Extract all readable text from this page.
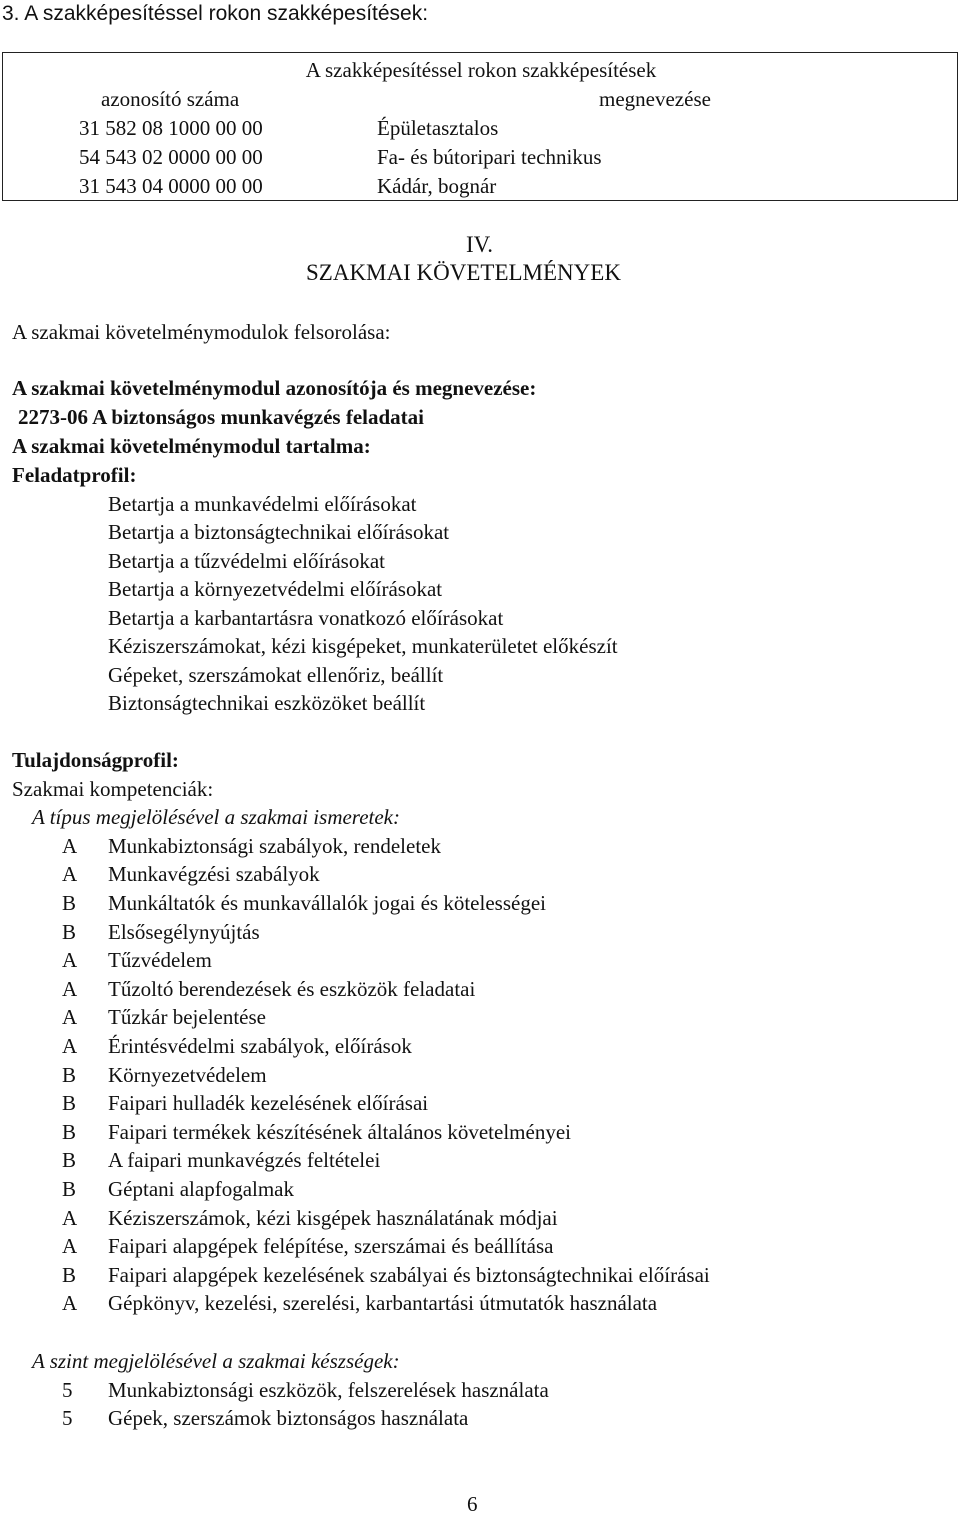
3. A szakképesítéssel rokon szakképesítések:
A szakképesítéssel rokon szakképesítések
azonosító száma	megnevezése
31 582 08 1000 00 00	Épületasztalos
54 543 02 0000 00 00	Fa- és bútoripari technikus
31 543 04 0000 00 00	Kádár, bognár
IV.
SZAKMAI KÖVETELMÉNYEK
A szakmai követelménymodulok felsorolása:
A szakmai követelménymodul azonosítója és megnevezése:
2273-06 A biztonságos munkavégzés feladatai
A szakmai követelménymodul tartalma:
Feladatprofil:
Betartja a munkavédelmi előírásokat
Betartja a biztonságtechnikai előírásokat
Betartja a tűzvédelmi előírásokat
Betartja a környezetvédelmi előírásokat
Betartja a karbantartásra vonatkozó előírásokat
Kéziszerszámokat, kézi kisgépeket, munkaterületet előkészít
Gépeket, szerszámokat ellenőriz, beállít
Biztonságtechnikai eszközöket beállít
Tulajdonságprofil:
Szakmai kompetenciák:
A típus megjelölésével a szakmai ismeretek:
A Munkabiztonsági szabályok, rendeletek
A Munkavégzési szabályok
B Munkáltatók és munkavállalók jogai és kötelességei
B Elsősegélynyújtás
A Tűzvédelem
A Tűzoltó berendezések és eszközök feladatai
A Tűzkár bejelentése
A Érintésvédelmi szabályok, előírások
B Környezetvédelem
B Faipari hulladék kezelésének előírásai
B Faipari termékek készítésének általános követelményei
B A faipari munkavégzés feltételei
B Géptani alapfogalmak
A Kéziszerszámok, kézi kisgépek használatának módjai
A Faipari alapgépek felépítése, szerszámai és beállítása
B Faipari alapgépek kezelésének szabályai és biztonságtechnikai előírásai
A Gépkönyv, kezelési, szerelési, karbantartási útmutatók használata
A szint megjelölésével a szakmai készségek:
5 Munkabiztonsági eszközök, felszerelések használata
5 Gépek, szerszámok biztonságos használata
6
